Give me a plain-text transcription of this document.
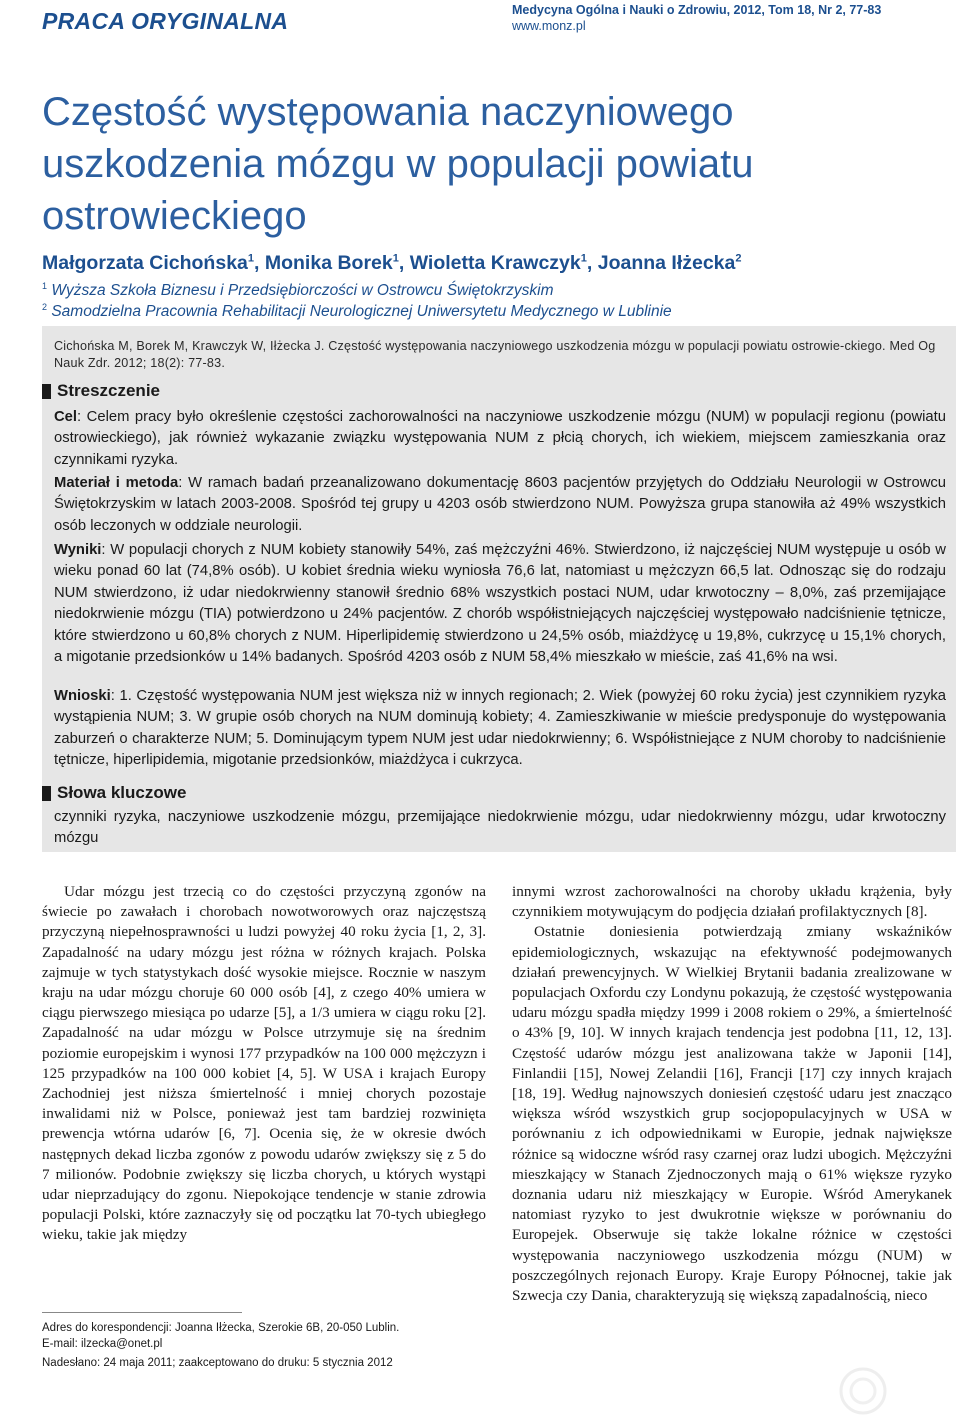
PRACA ORYGINALNA	Medycyna Ogólna i Nauki o Zdrowiu, 2012, Tom 18, Nr 2, 77-83
www.monz.pl
Częstość występowania naczyniowego uszkodzenia mózgu w populacji powiatu ostrowieckiego
Małgorzata Cichońska$^1$, Monika Borek$^1$, Wioletta Krawczyk$^1$, Joanna Iłżecka$^2$
$^1$ Wyższa Szkoła Biznesu i Przedsiębiorczości w Ostrowcu Świętokrzyskim
$^2$ Samodzielna Pracownia Rehabilitacji Neurologicznej Uniwersytetu Medycznego w Lublinie
Cichońska M, Borek M, Krawczyk W, Iłżecka J. Częstość występowania naczyniowego uszkodzenia mózgu w populacji powiatu ostrowie-ckiego. Med Og Nauk Zdr. 2012; 18(2): 77-83.
Streszczenie
Cel: Celem pracy było określenie częstości zachorowalności na naczyniowe uszkodzenie mózgu (NUM) w populacji regionu (powiatu ostrowieckiego), jak również wykazanie związku występowania NUM z płcią chorych, ich wiekiem, miejscem zamieszkania oraz czynnikami ryzyka.
Materiał i metoda: W ramach badań przeanalizowano dokumentację 8603 pacjentów przyjętych do Oddziału Neurologii w Ostrowcu Świętokrzyskim w latach 2003-2008. Spośród tej grupy u 4203 osób stwierdzono NUM. Powyższa grupa stanowiła aż 49% wszystkich osób leczonych w oddziale neurologii.
Wyniki: W populacji chorych z NUM kobiety stanowiły 54%, zaś mężczyźni 46%. Stwierdzono, iż najczęściej NUM występuje u osób w wieku ponad 60 lat (74,8% osób). U kobiet średnia wieku wyniosła 76,6 lat, natomiast u mężczyzn 66,5 lat. Odnosząc się do rodzaju NUM stwierdzono, iż udar niedokrwienny stanowił średnio 68% wszystkich postaci NUM, udar krwotoczny – 8,0%, zaś przemijające niedokrwienie mózgu (TIA) potwierdzono u 24% pacjentów. Z chorób współistniejących najczęściej występowało nadciśnienie tętnicze, które stwierdzono u 60,8% chorych z NUM. Hiperlipidemię stwierdzono u 24,5% osób, miażdżycę u 19,8%, cukrzycę u 15,1% chorych, a migotanie przedsionków u 14% badanych. Spośród 4203 osób z NUM 58,4% mieszkało w mieście, zaś 41,6% na wsi.
Wnioski: 1. Częstość występowania NUM jest większa niż w innych regionach; 2. Wiek (powyżej 60 roku życia) jest czynnikiem ryzyka wystąpienia NUM; 3. W grupie osób chorych na NUM dominują kobiety; 4. Zamieszkiwanie w mieście predysponuje do występowania zaburzeń o charakterze NUM; 5. Dominującym typem NUM jest udar niedokrwienny; 6. Współistniejące z NUM choroby to nadciśnienie tętnicze, hiperlipidemia, migotanie przedsionków, miażdżyca i cukrzyca.
Słowa kluczowe
czynniki ryzyka, naczyniowe uszkodzenie mózgu, przemijające niedokrwienie mózgu, udar niedokrwienny mózgu, udar krwotoczny mózgu

Udar mózgu jest trzecią co do częstości przyczyną zgonów na świecie po zawałach i chorobach nowotworowych oraz najczęstszą przyczyną niepełnosprawności u ludzi powyżej 40 roku życia [1, 2, 3]. Zapadalność na udary mózgu jest różna w różnych krajach. Polska zajmuje w tych statystykach dość wysokie miejsce. Rocznie w naszym kraju na udar mózgu choruje 60 000 osób [4], z czego 40% umiera w ciągu pierwszego miesiąca po udarze [5], a 1/3 umiera w ciągu roku [2]. Zapadalność na udar mózgu w Polsce utrzymuje się na średnim poziomie europejskim i wynosi 177 przypadków na 100 000 mężczyzn i 125 przypadków na 100 000 kobiet [4, 5]. W USA i krajach Europy Zachodniej jest niższa śmiertelność i mniej chorych pozostaje inwalidami niż w Polsce, ponieważ jest tam bardziej rozwinięta prewencja wtórna udarów [6, 7]. Ocenia się, że w okresie dwóch następnych dekad liczba zgonów z powodu udarów zwiększy się z 5 do 7 milionów. Podobnie zwiększy się liczba chorych, u których wystąpi udar nieprzadujący do zgonu. Niepokojące tendencje w stanie zdrowia populacji Polski, które zaznaczyły się od początku lat 70-tych ubiegłego wieku, takie jak między

innymi wzrost zachorowalności na choroby układu krążenia, były czynnikiem motywującym do podjęcia działań profilaktycznych [8].

Ostatnie doniesienia potwierdzają zmiany wskaźników epidemiologicznych, wskazując na efektywność podejmowanych działań prewencyjnych. W Wielkiej Brytanii badania zrealizowane w populacjach Oxfordu czy Londynu pokazują, że częstość występowania udaru mózgu spadła między 1999 i 2008 rokiem o 29%, a śmiertelność o 43% [9, 10]. W innych krajach tendencja jest podobna [11, 12, 13]. Częstość udarów mózgu jest analizowana także w Japonii [14], Finlandii [15], Nowej Zelandii [16], Francji [17] czy innych krajach [18, 19]. Według najnowszych doniesień częstość udaru jest znacząco większa wśród wszystkich grup socjopopulacyjnych w USA w porównaniu z ich odpowiednikami w Europie, jednak największe różnice są widoczne wśród rasy czarnej oraz ludzi ubogich. Mężczyźni mieszkający w Stanach Zjednoczonych mają o 61% większe ryzyko doznania udaru niż mieszkający w Europie. Wśród Amerykanek natomiast ryzyko to jest dwukrotnie większe w porównaniu do Europejek. Obserwuje się także lokalne różnice w częstości występowania naczyniowego uszkodzenia mózgu (NUM) w poszczególnych rejonach Europy. Kraje Europy Północnej, takie jak Szwecja czy Dania, charakteryzują się większą zapadalnością, nieco

Adres do korespondencji: Joanna Iłżecka, Szerokie 6B, 20-050 Lublin.
E-mail: ilzecka@onet.pl
Nadesłano: 24 maja 2011; zaakceptowano do druku: 5 stycznia 2012
